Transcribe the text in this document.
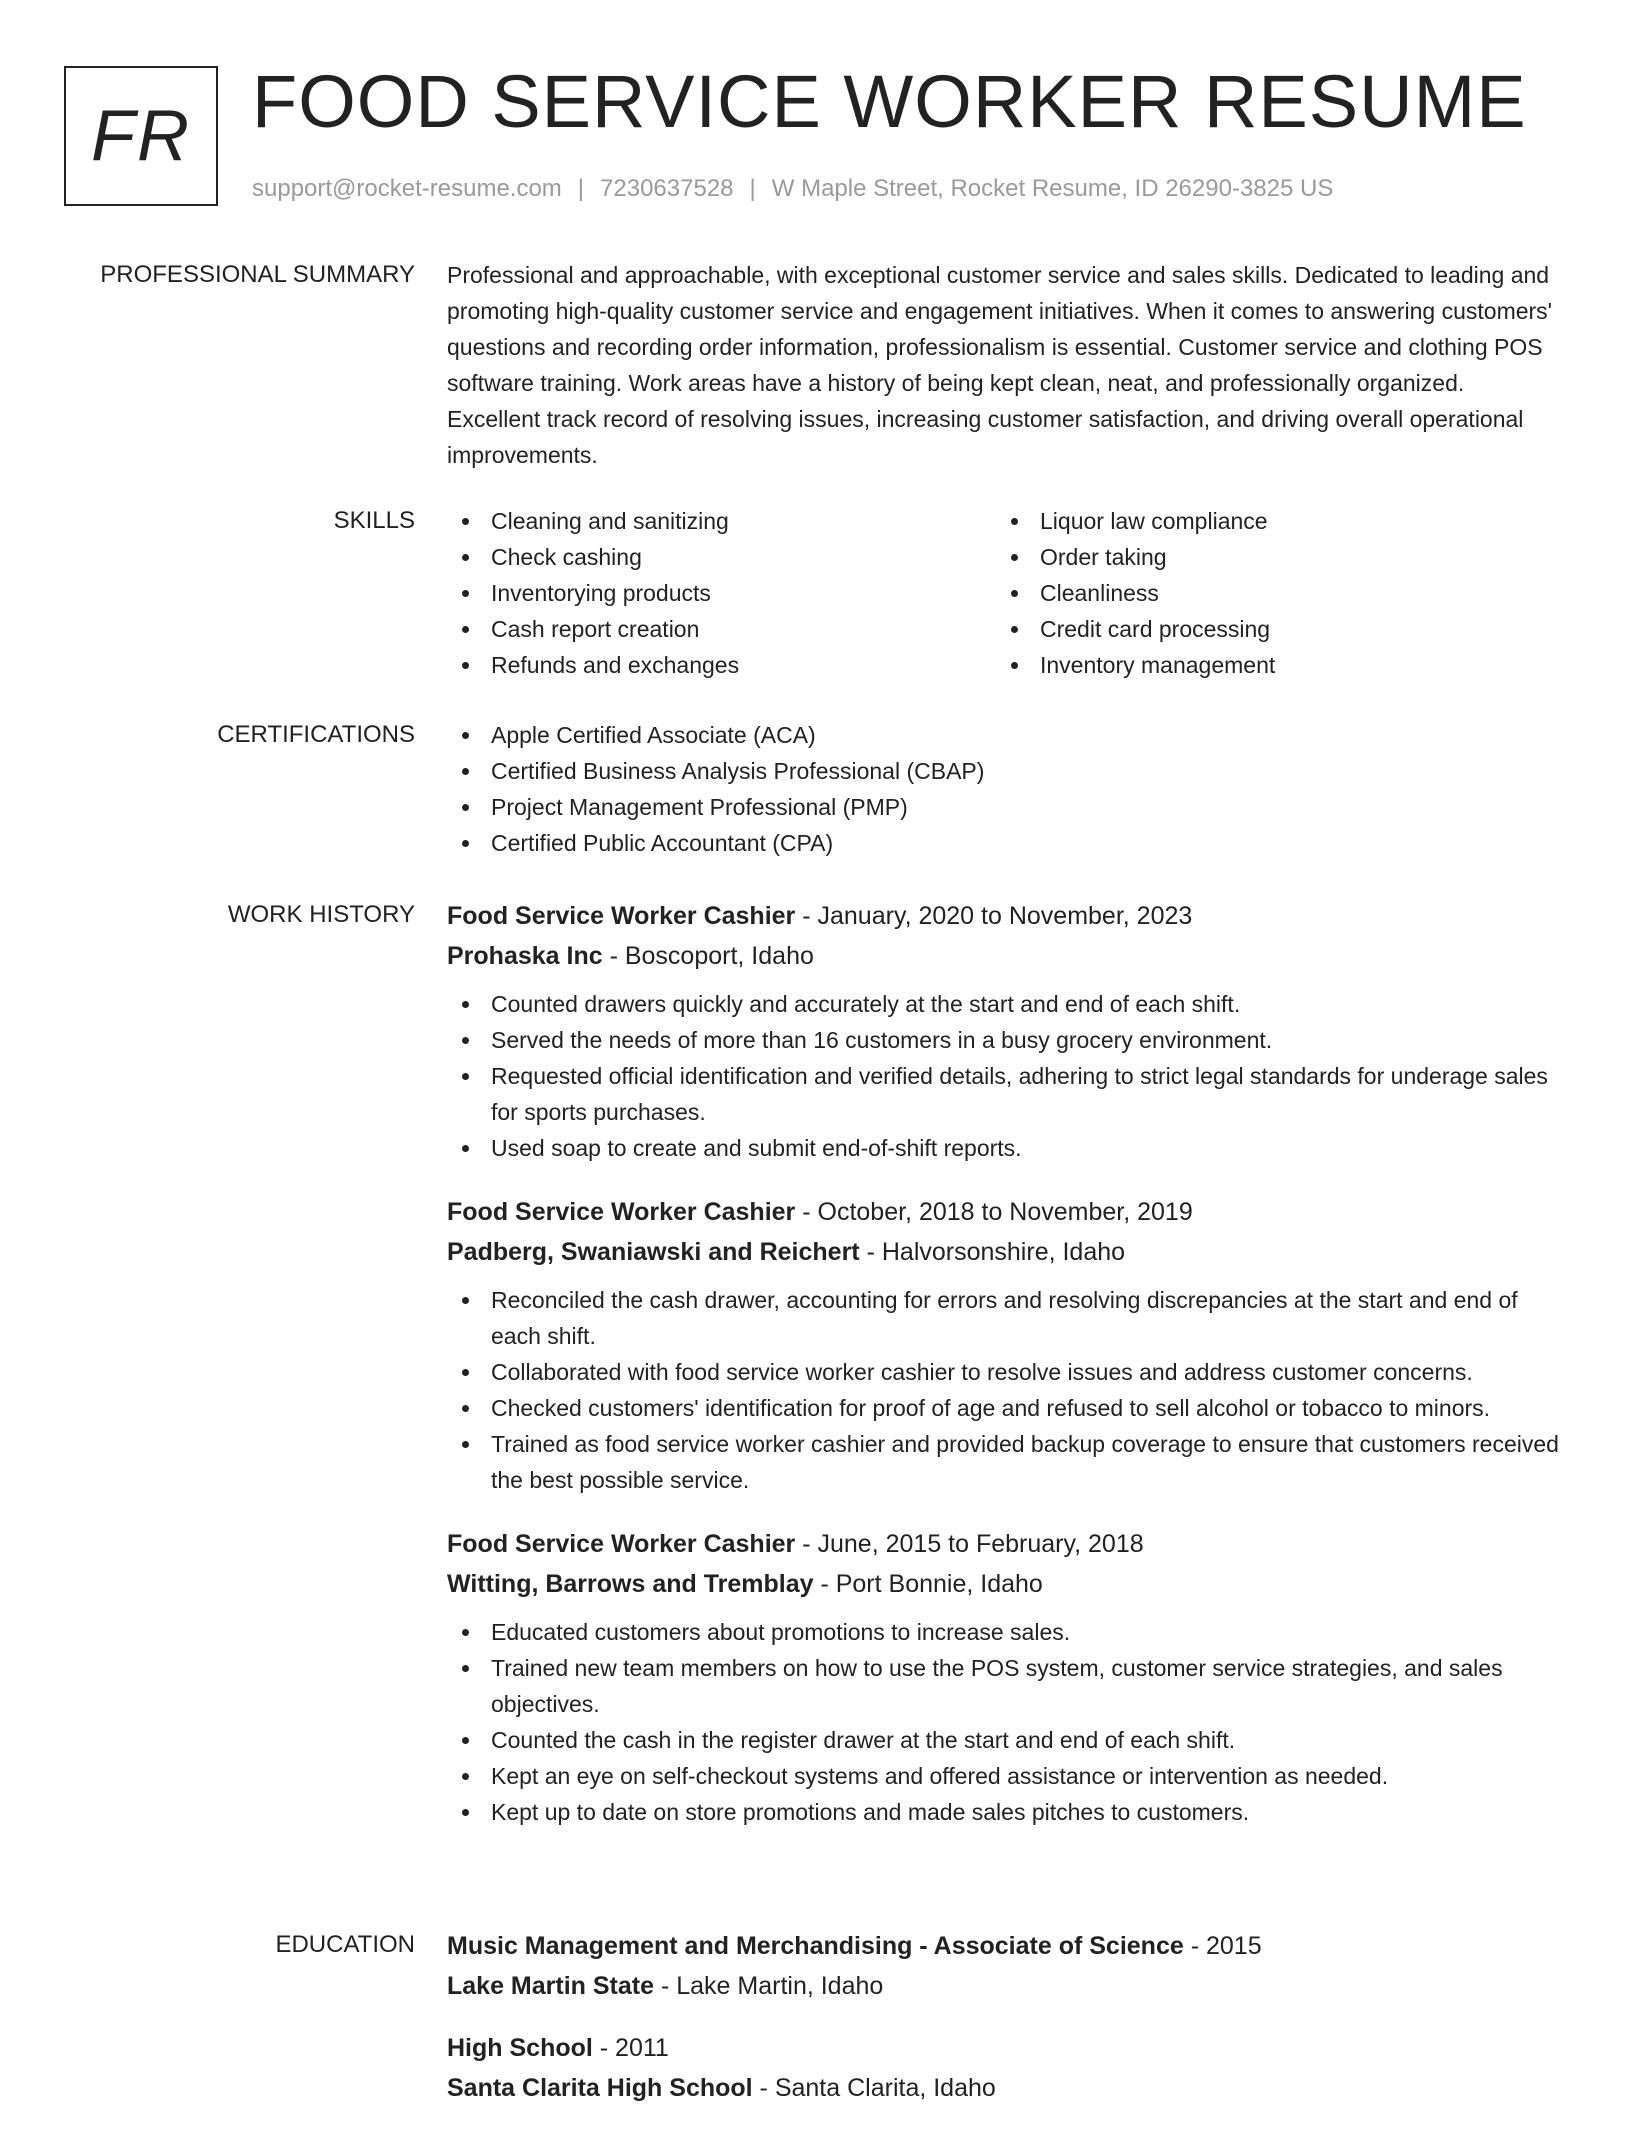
FR FOOD SERVICE WORKER RESUME
support@rocket-resume.com | 7230637528 | W Maple Street, Rocket Resume, ID 26290-3825 US
PROFESSIONAL SUMMARY Professional and approachable, with exceptional customer service and sales skills. Dedicated to leading and promoting high-quality customer service and engagement initiatives. When it comes to answering customers' questions and recording order information, professionalism is essential. Customer service and clothing POS software training. Work areas have a history of being kept clean, neat, and professionally organized. Excellent track record of resolving issues, increasing customer satisfaction, and driving overall operational improvements.

SKILLS	Cleaning and sanitizing
Check cashing
Inventorying products
Cash report creation
Refunds and exchanges
Liquor law compliance
Order taking
Cleanliness
Credit card processing
Inventory management
CERTIFICATIONS	Apple Certified Associate (ACA)
Certified Business Analysis Professional (CBAP)
Project Management Professional (PMP)
Certified Public Accountant (CPA)
WORK HISTORY Food Service Worker Cashier - January, 2020 to November, 2023
Prohaska Inc - Boscoport, Idaho
Counted drawers quickly and accurately at the start and end of each shift.
Served the needs of more than 16 customers in a busy grocery environment.
Requested official identification and verified details, adhering to strict legal standards for underage sales for sports purchases.
Used soap to create and submit end-of-shift reports.
Food Service Worker Cashier - October, 2018 to November, 2019
Padberg, Swaniawski and Reichert - Halvorsonshire, Idaho
Reconciled the cash drawer, accounting for errors and resolving discrepancies at the start and end of each shift.
Collaborated with food service worker cashier to resolve issues and address customer concerns.
Checked customers' identification for proof of age and refused to sell alcohol or tobacco to minors.
Trained as food service worker cashier and provided backup coverage to ensure that customers received the best possible service.
Food Service Worker Cashier - June, 2015 to February, 2018
Witting, Barrows and Tremblay - Port Bonnie, Idaho
Educated customers about promotions to increase sales.
Trained new team members on how to use the POS system, customer service strategies, and sales objectives.
Counted the cash in the register drawer at the start and end of each shift.
Kept an eye on self-checkout systems and offered assistance or intervention as needed.
Kept up to date on store promotions and made sales pitches to customers.
EDUCATION Music Management and Merchandising - Associate of Science - 2015
Lake Martin State - Lake Martin, Idaho
High School - 2011
Santa Clarita High School - Santa Clarita, Idaho
